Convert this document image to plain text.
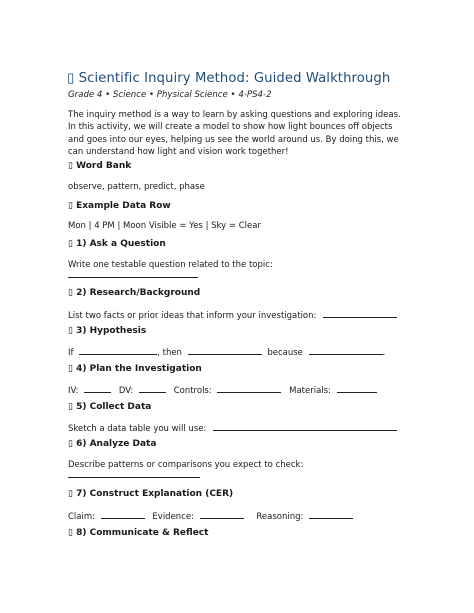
▯ Scientific Inquiry Method: Guided Walkthrough
Grade 4 • Science • Physical Science • 4-PS4-2
The inquiry method is a way to learn by asking questions and exploring ideas.
In this activity, we will create a model to show how light bounces off objects
and goes into our eyes, helping us see the world around us. By doing this, we
can understand how light and vision work together!
▯ Word Bank
observe, pattern, predict, phase
▯ Example Data Row
Mon | 4 PM | Moon Visible = Yes | Sky = Clear
▯ 1) Ask a Question
Write one testable question related to the topic:
▯ 2) Research/Background
List two facts or prior ideas that inform your investigation:
▯ 3) Hypothesis
If	, then	because	.
▯ 4) Plan the Investigation
IV:	DV:	Controls:	Materials:
▯ 5) Collect Data
Sketch a data table you will use:
▯ 6) Analyze Data
Describe patterns or comparisons you expect to check:
▯ 7) Construct Explanation (CER)
Claim:	Evidence:	Reasoning:
▯ 8) Communicate & Reflect
